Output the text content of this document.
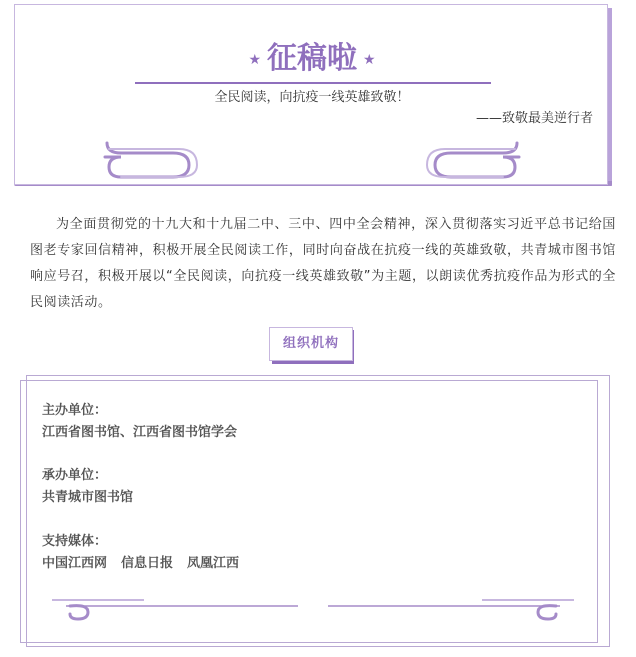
★ 征稿啦 ★
全民阅读，向抗疫一线英雄致敬！
——致敬最美逆行者
为全面贯彻党的十九大和十九届二中、三中、四中全会精神，深入贯彻落实习近平总书记给国图老专家回信精神，积极开展全民阅读工作，同时向奋战在抗疫一线的英雄致敬，共青城市图书馆响应号召，积极开展以“全民阅读，向抗疫一线英雄致敬”为主题，以朗读优秀抗疫作品为形式的全民阅读活动。
组织机构
主办单位：
江西省图书馆、江西省图书馆学会
承办单位：
共青城市图书馆
支持媒体：
中国江西网 信息日报 凤凰江西
